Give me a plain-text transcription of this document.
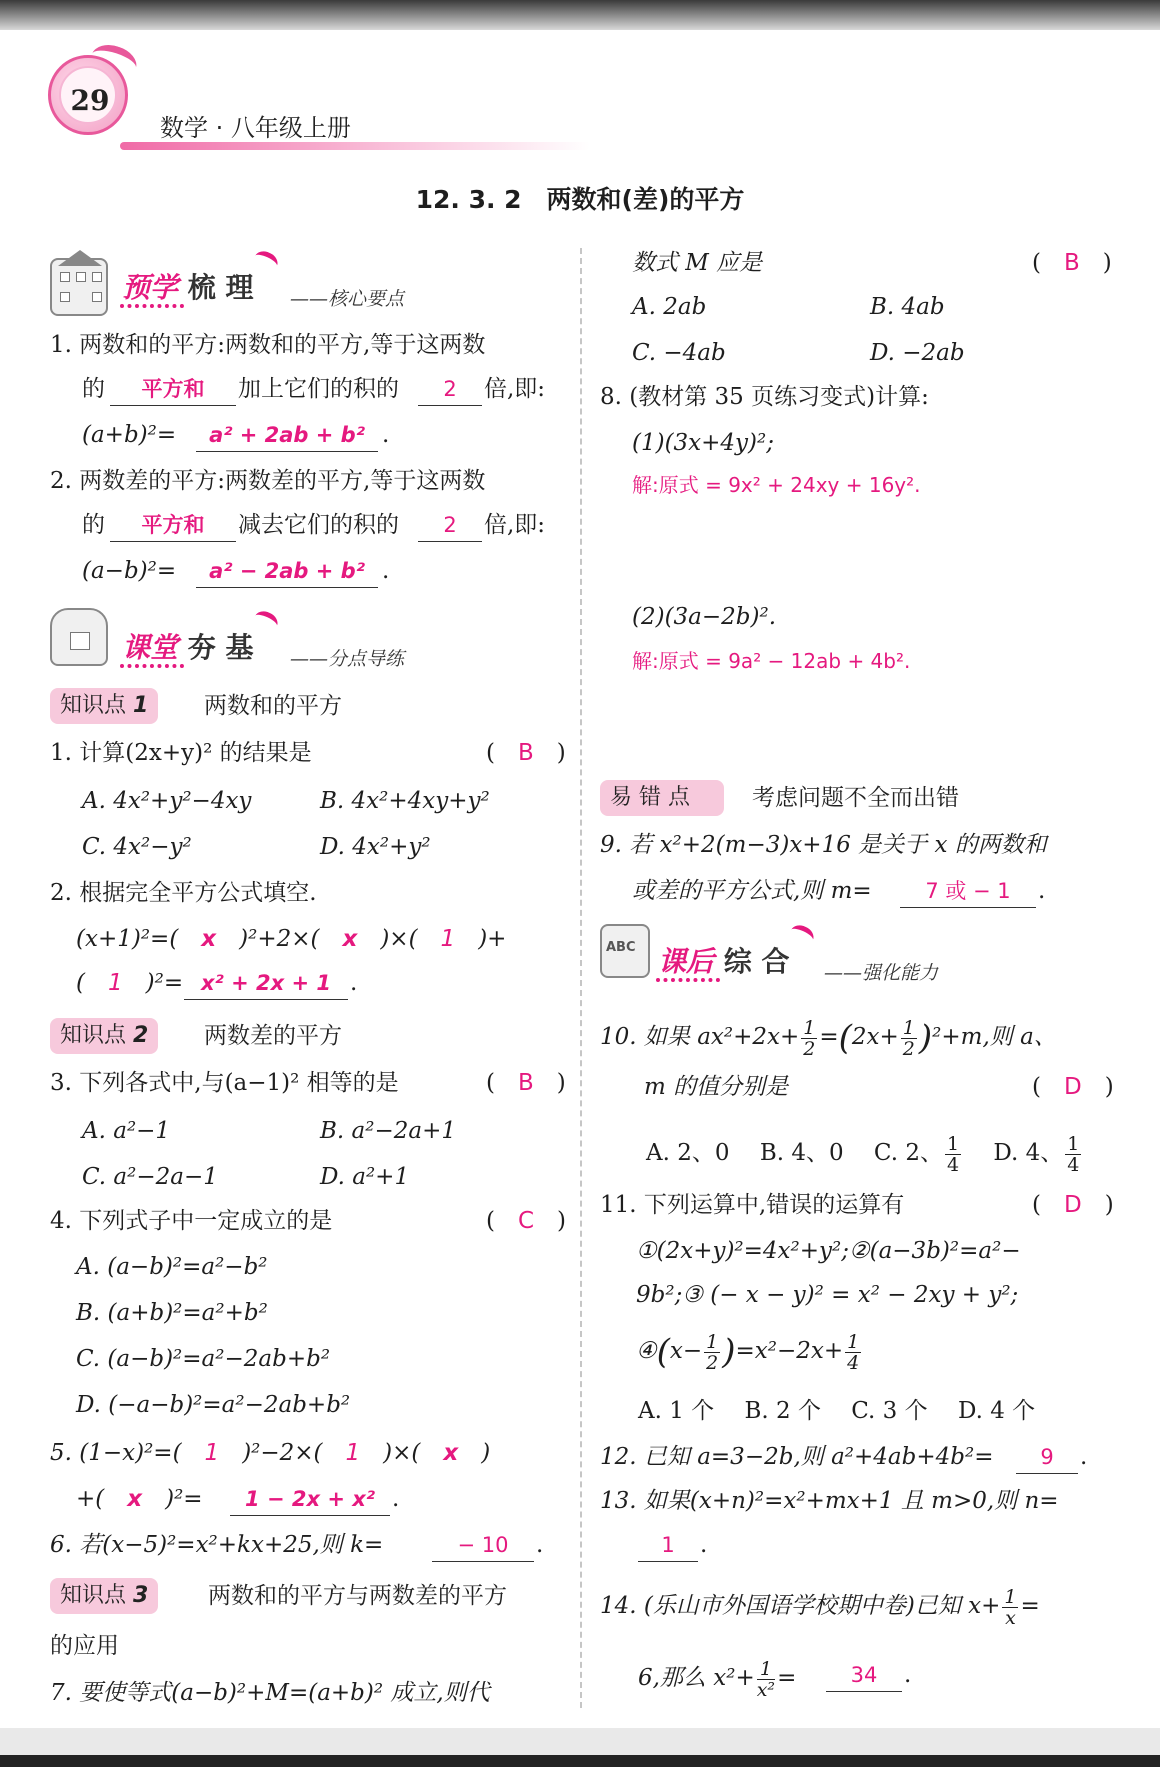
29
数学 · 八年级上册
12. 3. 2　两数和(差)的平方
预学 梳 理 ——核心要点
1. 两数和的平方:两数和的平方,等于这两数
的	平方和	加上它们的积的	2	倍,即:
(a+b)²=	a² + 2ab + b² .
2. 两数差的平方:两数差的平方,等于这两数
的	平方和	减去它们的积的	2	倍,即:
(a−b)²=	a² − 2ab + b² .
课堂 夯 基 ——分点导练
知识点 1	两数和的平方
1. 计算(2x+y)² 的结果是	(　B　)
A. 4x²+y²−4xy	B. 4x²+4xy+y²
C. 4x²−y²	D. 4x²+y²
2. 根据完全平方公式填空.
(x+1)²=(　 x　 )²+2×(　 x　 )×(　 1　 )+
(　 1　 )²= x² + 2x + 1 .
知识点 2	两数差的平方
3. 下列各式中,与(a−1)² 相等的是	(　B　)
A. a²−1	B. a²−2a+1
C. a²−2a−1	D. a²+1
4. 下列式子中一定成立的是	(　C　)
A. (a−b)²=a²−b²
B. (a+b)²=a²+b²
C. (a−b)²=a²−2ab+b²
D. (−a−b)²=a²−2ab+b²
5. (1−x)²=(　 1　 )²−2×(　 1　 )×(　 x　 )
+(　 x　 )²=	1 − 2x + x² .
6. 若(x−5)²=x²+kx+25,则 k=	− 10	.
知识点 3	两数和的平方与两数差的平方
的应用
7. 要使等式(a−b)²+M=(a+b)² 成立,则代
数式 M 应是	(　B　)
A. 2ab	B. 4ab
C. −4ab	D. −2ab
8. (教材第 35 页练习变式)计算:
(1)(3x+4y)²;
解:原式 = 9x² + 24xy + 16y².
(2)(3a−2b)².
解:原式 = 9a² − 12ab + 4b².
易 错 点	考虑问题不全而出错
9. 若 x²+2(m−3)x+16 是关于 x 的两数和
或差的平方公式,则 m=	7 或 − 1	.
ABC 课后 综 合 ——强化能力
10. 如果 $ax^2+2x+ \frac{1}{2} =(2x+ \frac{1}{2} )^2+m$,则 a、
m 的值分别是	(　D　)
A. 2、0　 B. 4、0　 C. 2、 $\frac{1}{4}$
　 D. 4、 $\frac{1}{4}$
11. 下列运算中,错误的运算有	(　D　)
①(2x+y)²=4x²+y²;②(a−3b)²=a²−
9b²;③ (− x − y)² = x² − 2xy + y²;
④(x− $\frac{1}{2} )=x^2-2x+ \frac{1}{4}$
A. 1 个　 B. 2 个　 C. 3 个　 D. 4 个
12. 已知 a=3−2b,则 a²+4ab+4b²=	9	.
13. 如果(x+n)²=x²+mx+1 且 m>0,则 n=
1	.
14. (乐山市外国语学校期中卷)已知 $x+ \frac{1}{x}$ =
6,那么 $x^2+ \frac{1}{\text{x²}}$ =	34	.
